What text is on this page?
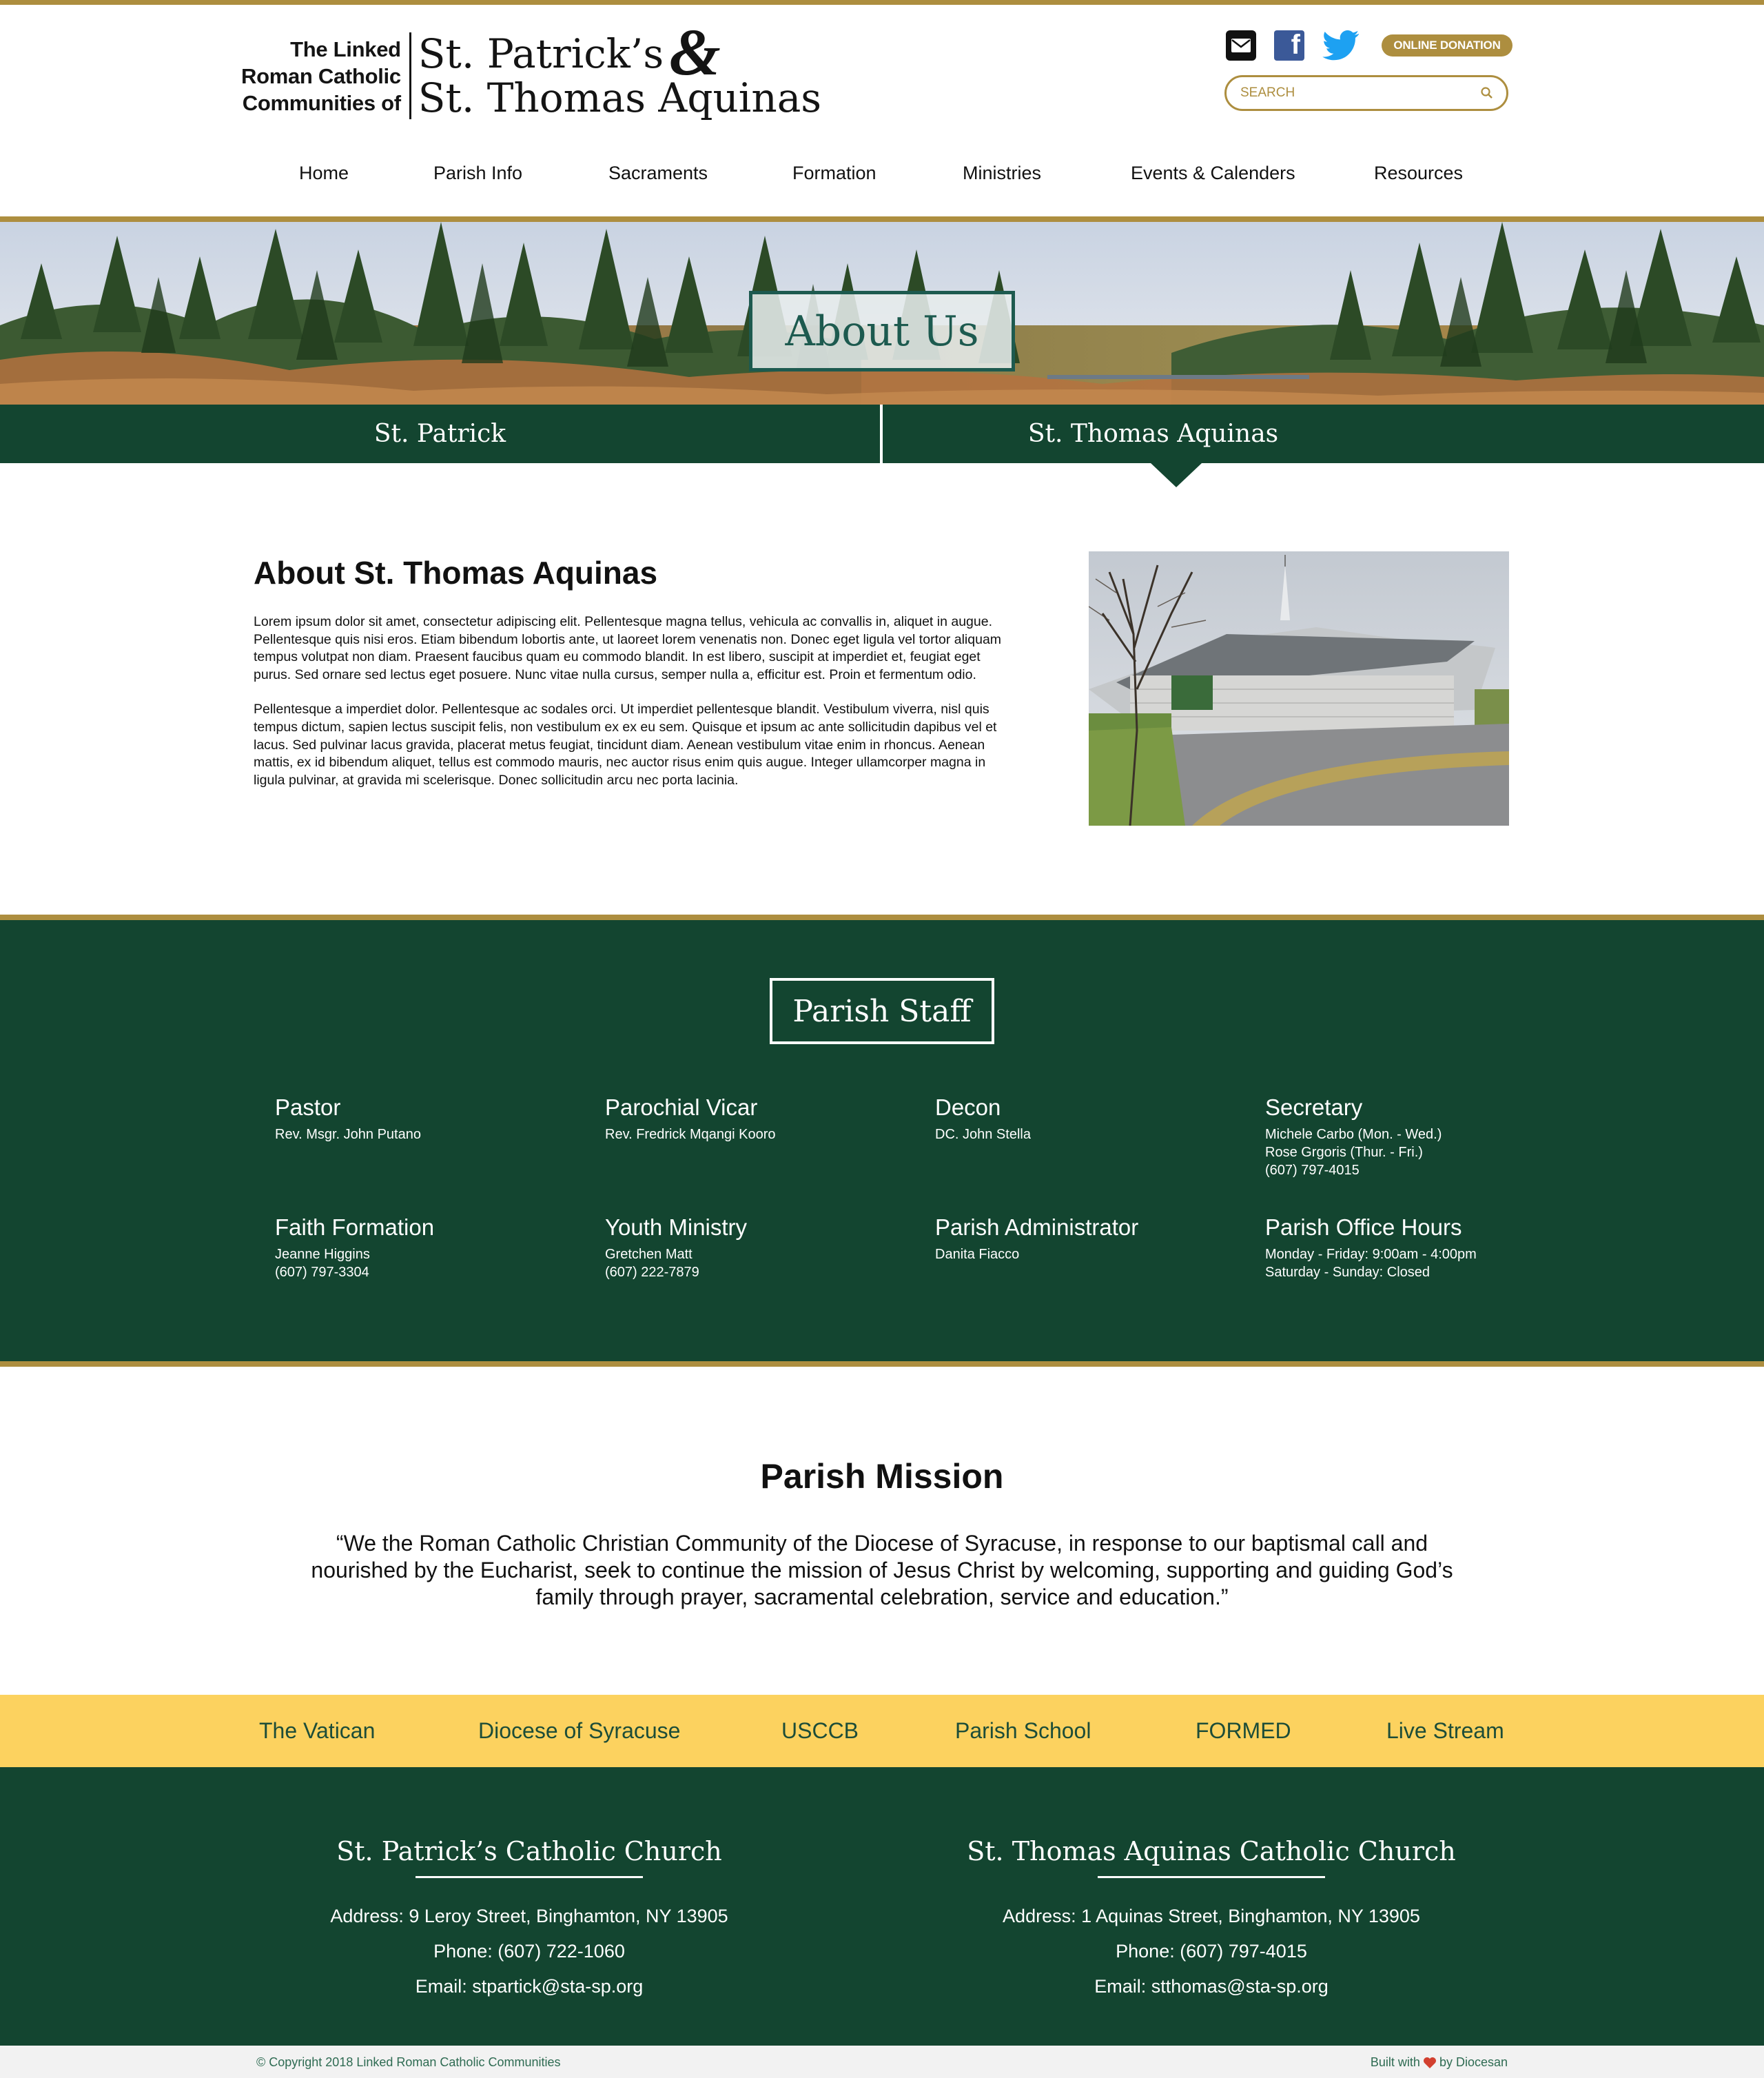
The Linked
Roman Catholic
Communities of
St. Patrick’s&
St. Thomas Aquinas
f	ONLINE DONATION
SEARCH
Home	Parish Info	Sacraments	Formation	Ministries	Events & Calenders	Resources
About Us
St. Patrick	St. Thomas Aquinas
About St. Thomas Aquinas

Lorem ipsum dolor sit amet, consectetur adipiscing elit. Pellentesque magna tellus, vehicula ac convallis in, aliquet in augue. Pellentesque quis nisi eros. Etiam bibendum lobortis ante, ut laoreet lorem venenatis non. Donec eget ligula vel tortor aliquam tempus volutpat non diam. Praesent faucibus quam eu commodo blandit. In est libero, suscipit at imperdiet et, feugiat eget purus. Sed ornare sed lectus eget posuere. Nunc vitae nulla cursus, semper nulla a, efficitur est. Proin et fermentum odio.

Pellentesque a imperdiet dolor. Pellentesque ac sodales orci. Ut imperdiet pellentesque blandit. Vestibulum viverra, nisl quis tempus dictum, sapien lectus suscipit felis, non vestibulum ex ex eu sem. Quisque et ipsum ac ante sollicitudin dapibus vel et lacus. Sed pulvinar lacus gravida, placerat metus feugiat, tincidunt diam. Aenean vestibulum vitae enim in rhoncus. Aenean mattis, ex id bibendum aliquet, tellus est commodo mauris, nec auctor risus enim quis augue. Integer ullamcorper magna in ligula pulvinar, at gravida mi scelerisque. Donec sollicitudin arcu nec porta lacinia.

Parish Staff
Pastor
Rev. Msgr. John Putano
Parochial Vicar
Rev. Fredrick Mqangi Kooro
Decon
DC. John Stella
Secretary
Michele Carbo (Mon. - Wed.)
Rose Grgoris (Thur. - Fri.)
(607) 797-4015
Faith Formation
Jeanne Higgins
(607) 797-3304
Youth Ministry
Gretchen Matt
(607) 222-7879
Parish Administrator
Danita Fiacco
Parish Office Hours
Monday - Friday: 9:00am - 4:00pm
Saturday - Sunday: Closed
Parish Mission

“We the Roman Catholic Christian Community of the Diocese of Syracuse, in response to our baptismal call and nourished by the Eucharist, seek to continue the mission of Jesus Christ by welcoming, supporting and guiding God’s family through prayer, sacramental celebration, service and education.”

The Vatican	Diocese of Syracuse	USCCB	Parish School	FORMED	Live Stream
St. Patrick’s Catholic Church
Address: 9 Leroy Street, Binghamton, NY 13905
Phone: (607) 722-1060
Email: stpartick@sta-sp.org
St. Thomas Aquinas Catholic Church
Address: 1 Aquinas Street, Binghamton, NY 13905
Phone: (607) 797-4015
Email: stthomas@sta-sp.org
© Copyright 2018 Linked Roman Catholic Communities	Built with by Diocesan
